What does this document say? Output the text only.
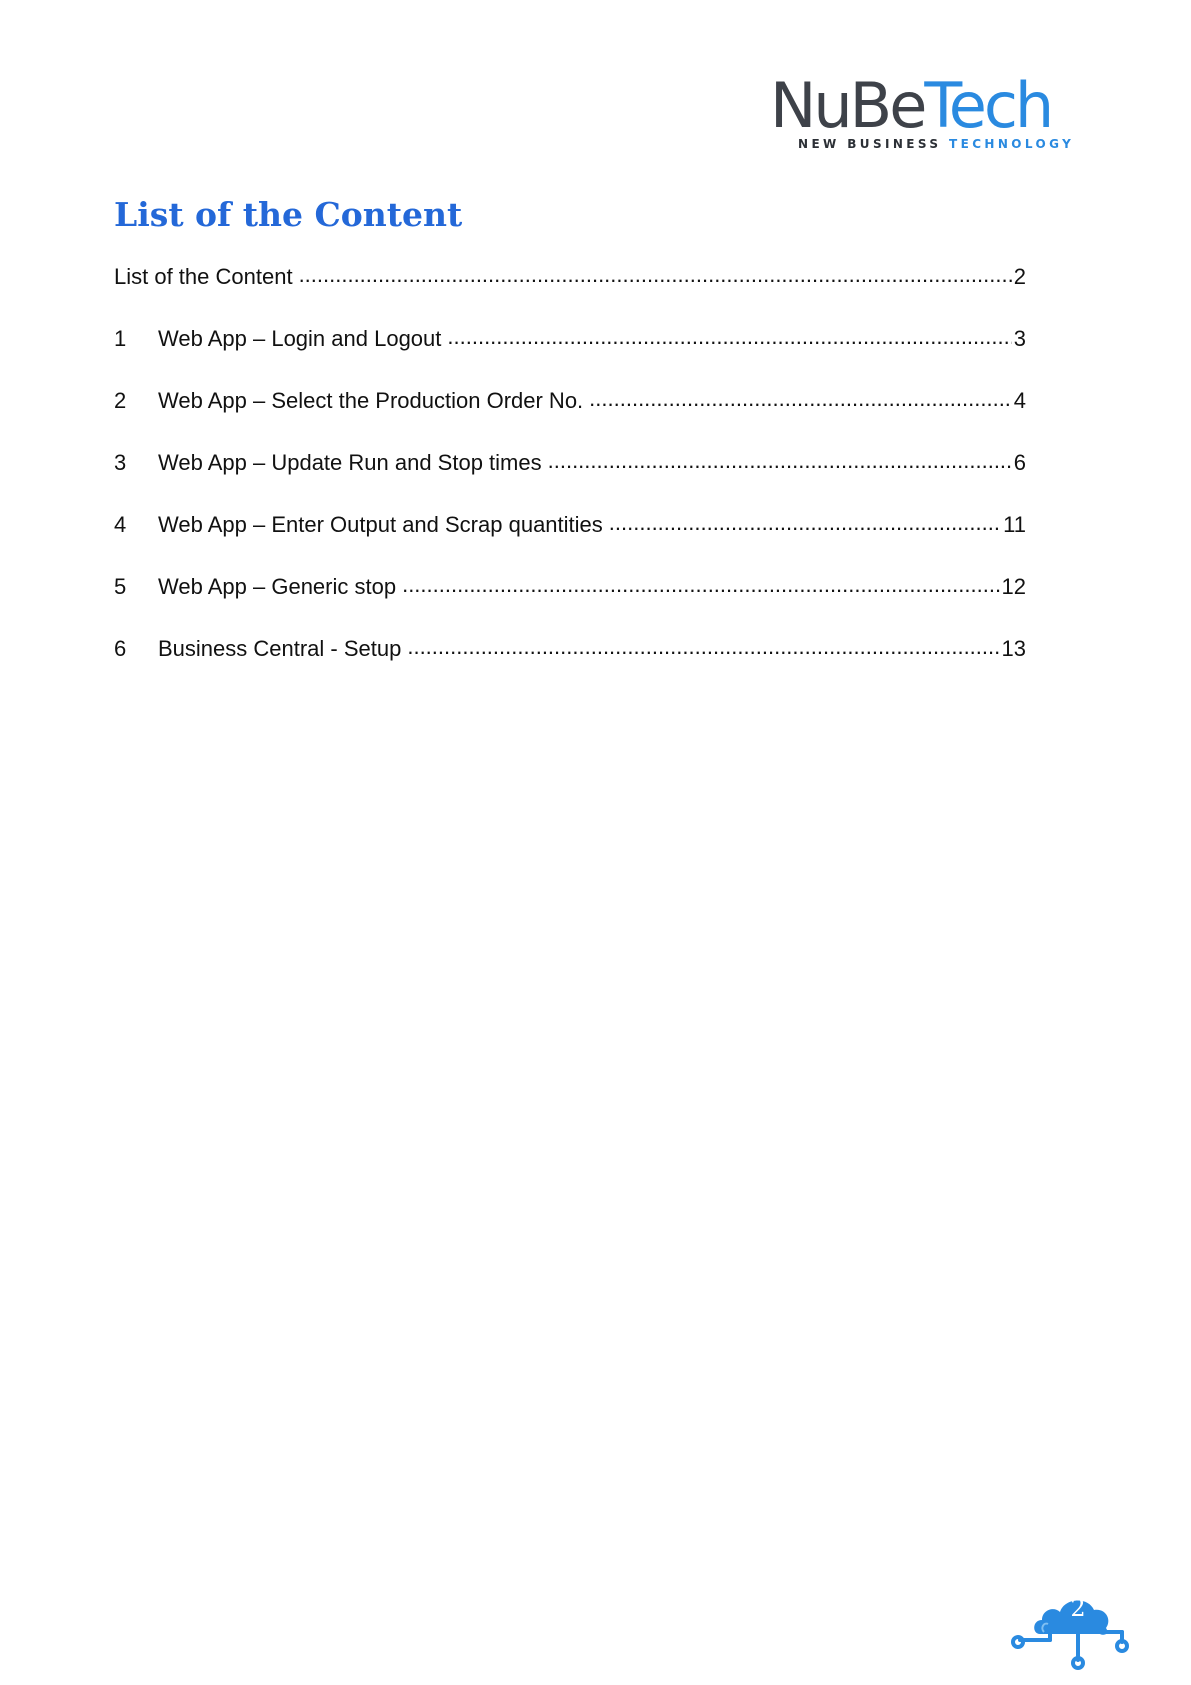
NuBeTech
NEW BUSINESS TECHNOLOGY
List of the Content
List of the Content .....	2
1	Web App – Login and Logout .....	3
2	Web App – Select the Production Order No. .....	4
3	Web App – Update Run and Stop times .....	6
4	Web App – Enter Output and Scrap quantities .....	11
5	Web App – Generic stop .....	12
6	Business Central - Setup .....	13
2
